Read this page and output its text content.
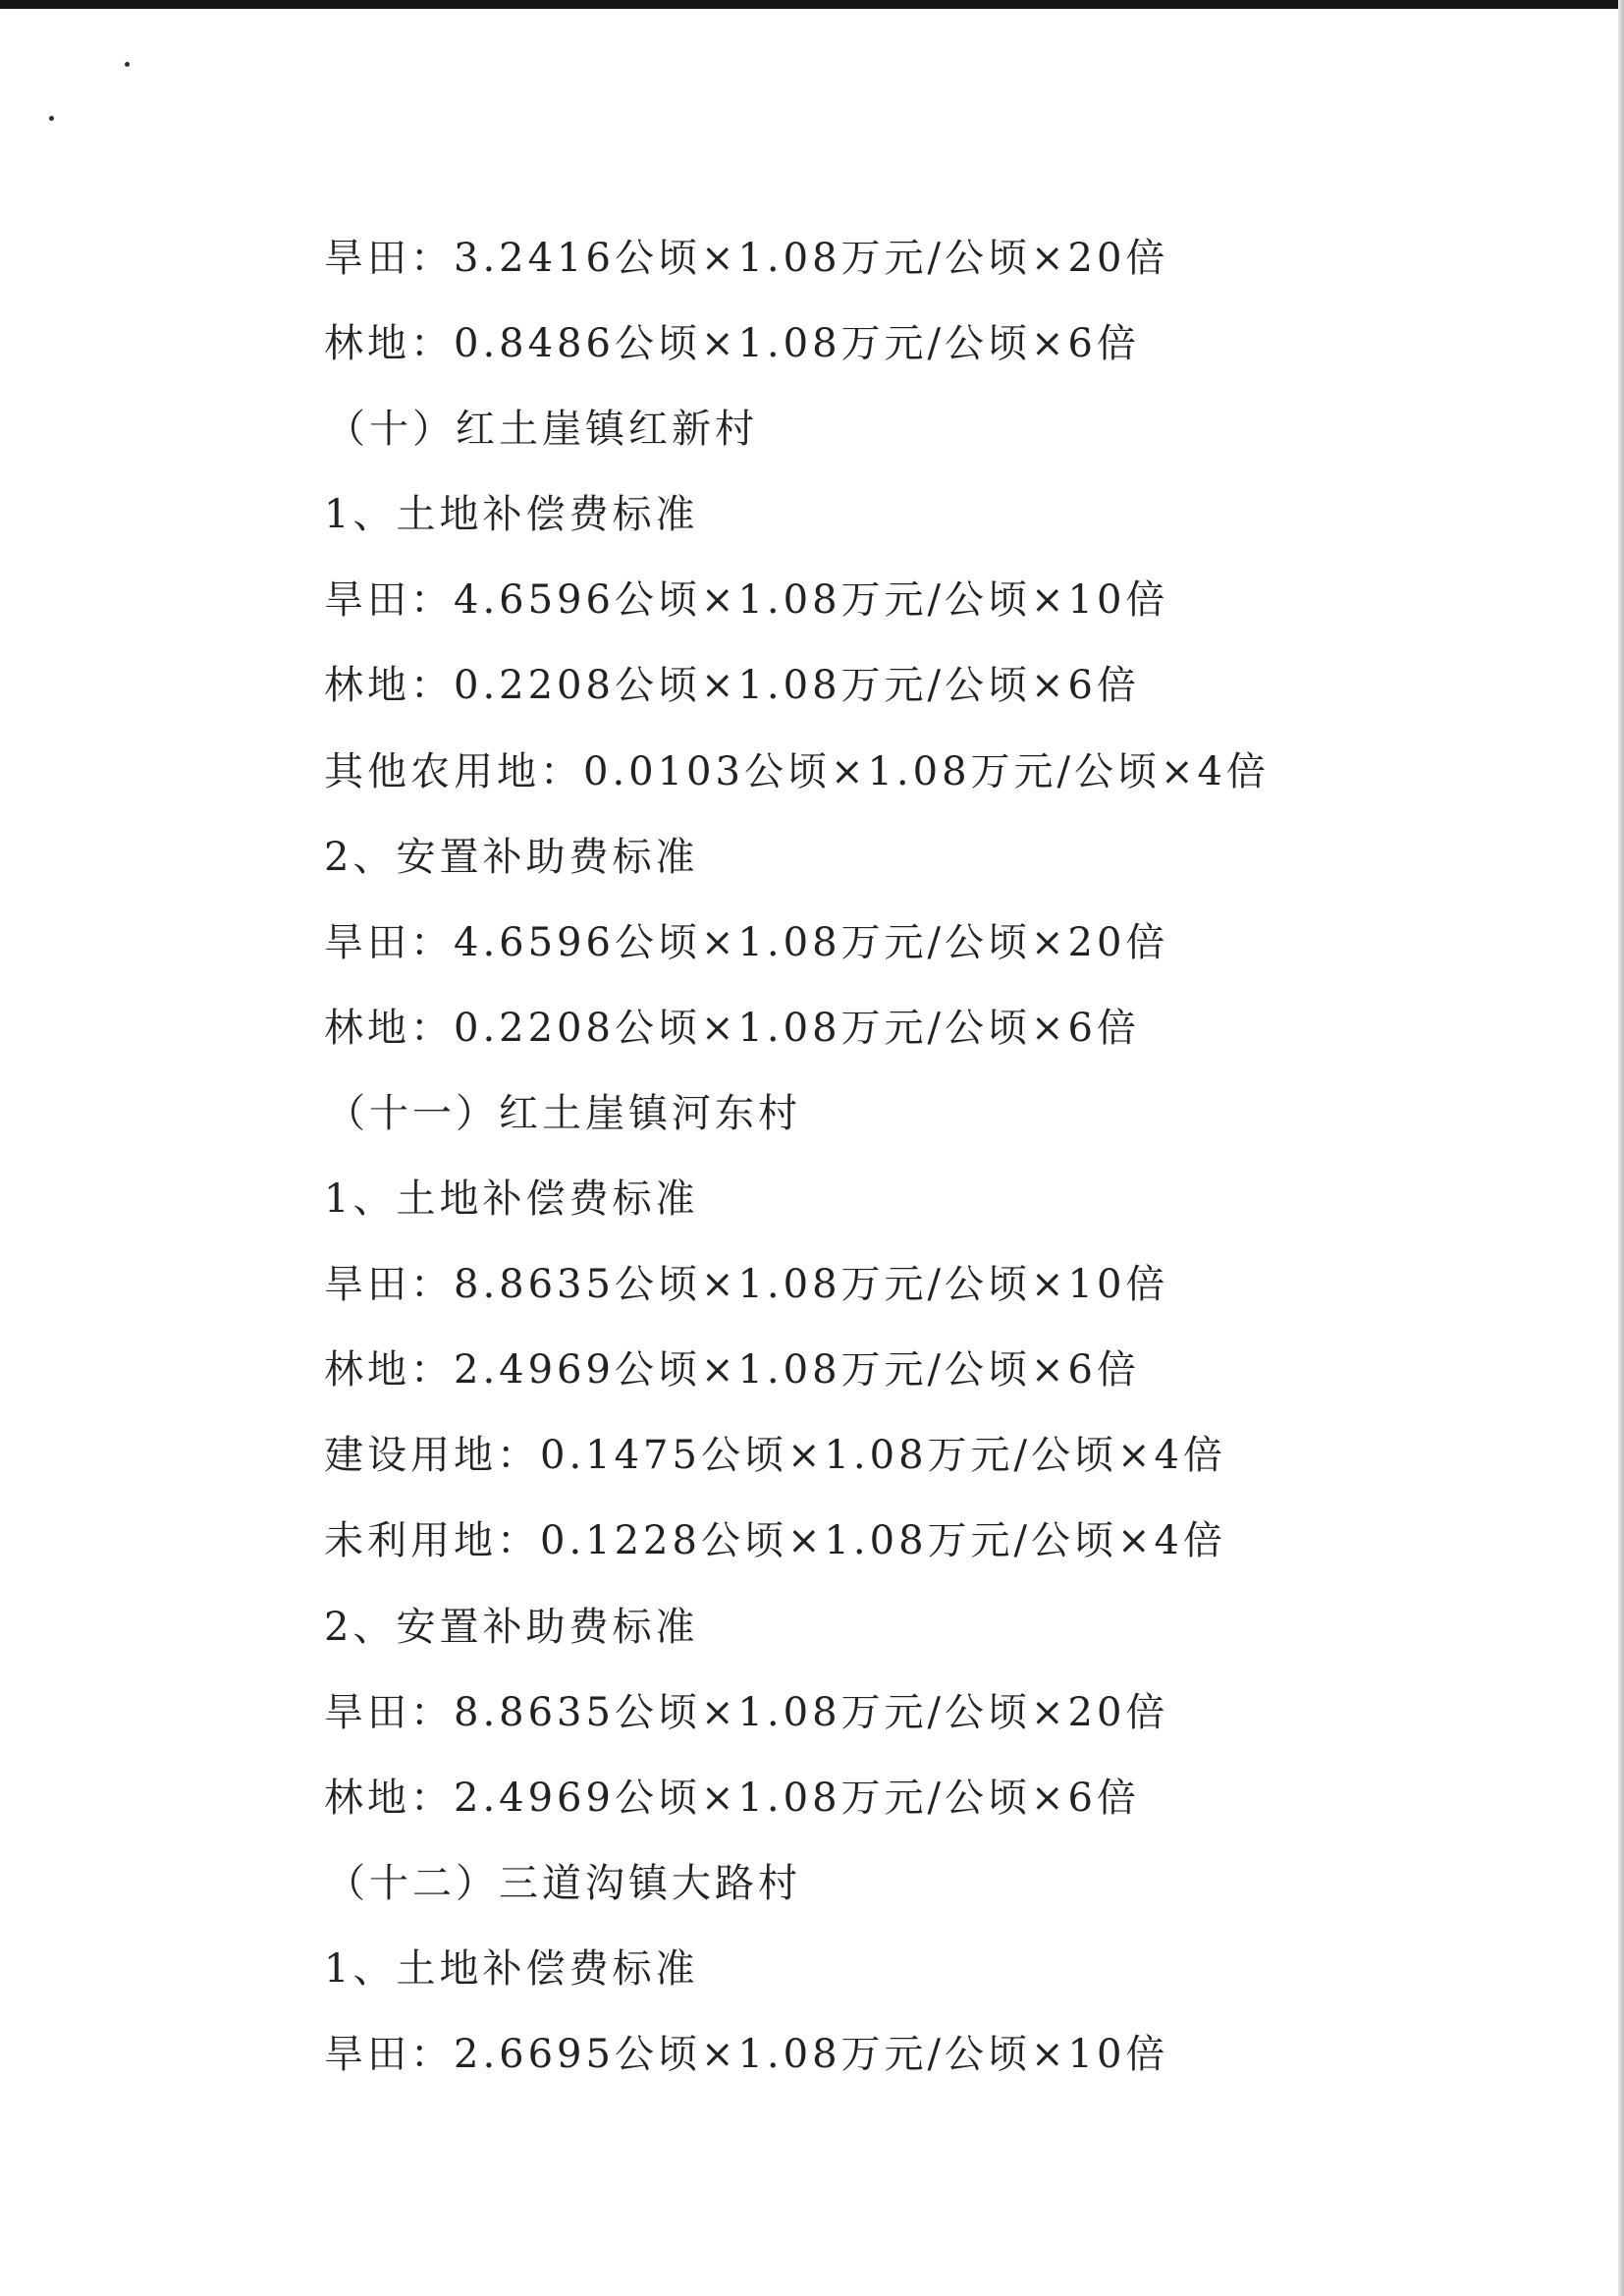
旱田：3.2416公顷×1.08万元/公顷×20倍
林地：0.8486公顷×1.08万元/公顷×6倍
（十）红土崖镇红新村
1、土地补偿费标准
旱田：4.6596公顷×1.08万元/公顷×10倍
林地：0.2208公顷×1.08万元/公顷×6倍
其他农用地：0.0103公顷×1.08万元/公顷×4倍
2、安置补助费标准
旱田：4.6596公顷×1.08万元/公顷×20倍
林地：0.2208公顷×1.08万元/公顷×6倍
（十一）红土崖镇河东村
1、土地补偿费标准
旱田：8.8635公顷×1.08万元/公顷×10倍
林地：2.4969公顷×1.08万元/公顷×6倍
建设用地：0.1475公顷×1.08万元/公顷×4倍
未利用地：0.1228公顷×1.08万元/公顷×4倍
2、安置补助费标准
旱田：8.8635公顷×1.08万元/公顷×20倍
林地：2.4969公顷×1.08万元/公顷×6倍
（十二）三道沟镇大路村
1、土地补偿费标准
旱田：2.6695公顷×1.08万元/公顷×10倍
